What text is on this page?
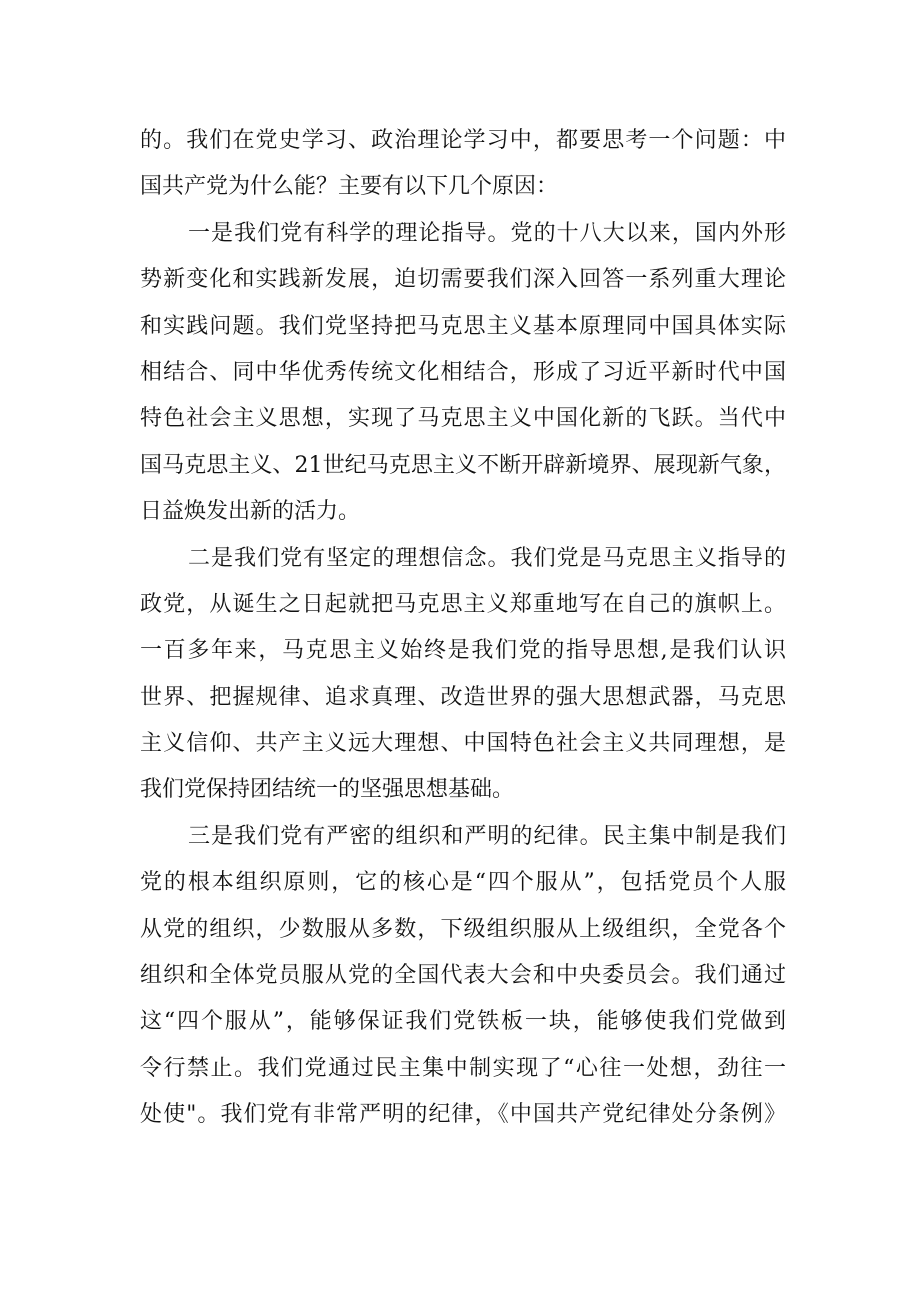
的。我们在党史学习、政治理论学习中，都要思考一个问题：中
国共产党为什么能？主要有以下几个原因：
一是我们党有科学的理论指导。党的十八大以来，国内外形
势新变化和实践新发展，迫切需要我们深入回答一系列重大理论
和实践问题。我们党坚持把马克思主义基本原理同中国具体实际
相结合、同中华优秀传统文化相结合，形成了习近平新时代中国
特色社会主义思想，实现了马克思主义中国化新的飞跃。当代中
国马克思主义、21世纪马克思主义不断开辟新境界、展现新气象，
日益焕发出新的活力。
二是我们党有坚定的理想信念。我们党是马克思主义指导的
政党，从诞生之日起就把马克思主义郑重地写在自己的旗帜上。
一百多年来，马克思主义始终是我们党的指导思想,是我们认识
世界、把握规律、追求真理、改造世界的强大思想武器，马克思
主义信仰、共产主义远大理想、中国特色社会主义共同理想，是
我们党保持团结统一的坚强思想基础。
三是我们党有严密的组织和严明的纪律。民主集中制是我们
党的根本组织原则，它的核心是“四个服从”，包括党员个人服
从党的组织，少数服从多数，下级组织服从上级组织，全党各个
组织和全体党员服从党的全国代表大会和中央委员会。我们通过
这“四个服从”，能够保证我们党铁板一块，能够使我们党做到
令行禁止。我们党通过民主集中制实现了“心往一处想，劲往一
处使"。我们党有非常严明的纪律，《中国共产党纪律处分条例》
